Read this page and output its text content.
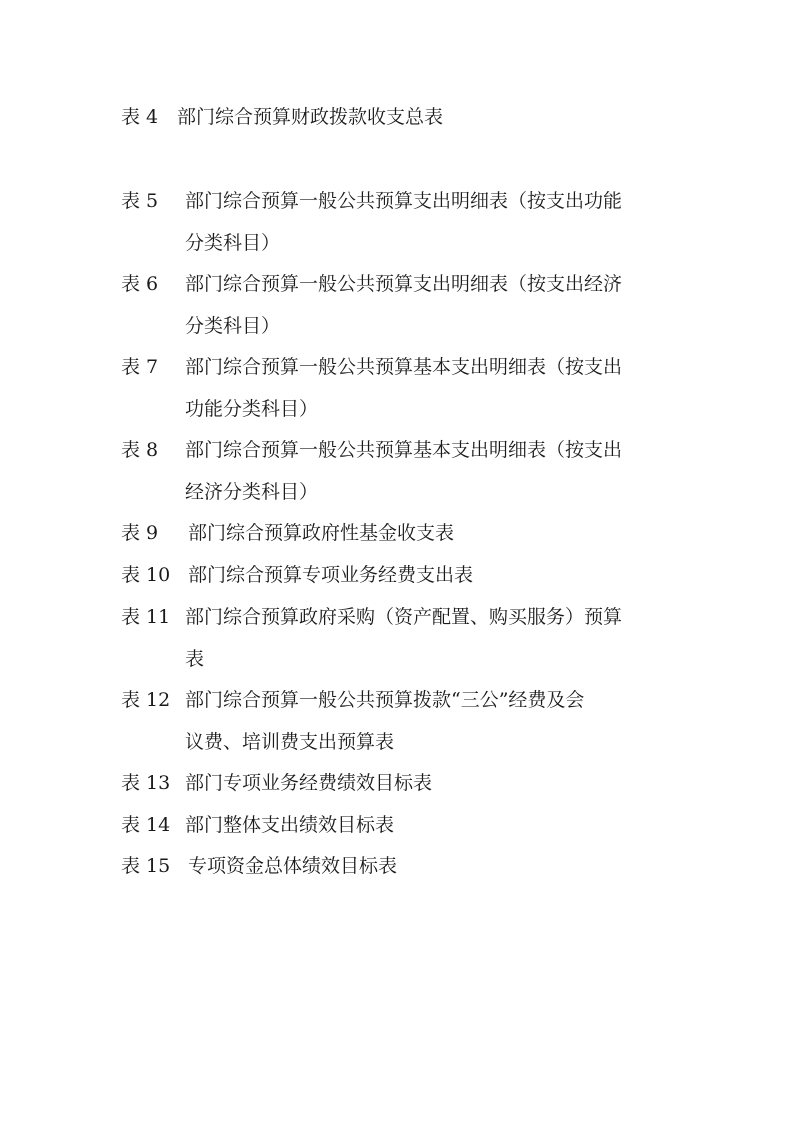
表 4 部门综合预算财政拨款收支总表
表 5 部门综合预算一般公共预算支出明细表（按支出功能
分类科目）
表 6 部门综合预算一般公共预算支出明细表（按支出经济
分类科目）
表 7 部门综合预算一般公共预算基本支出明细表（按支出
功能分类科目）
表 8 部门综合预算一般公共预算基本支出明细表（按支出
经济分类科目）
表 9 部门综合预算政府性基金收支表
表 10 部门综合预算专项业务经费支出表
表 11 部门综合预算政府采购（资产配置、购买服务）预算
表
表 12 部门综合预算一般公共预算拨款“三公”经费及会
议费、培训费支出预算表
表 13 部门专项业务经费绩效目标表
表 14 部门整体支出绩效目标表
表 15 专项资金总体绩效目标表
